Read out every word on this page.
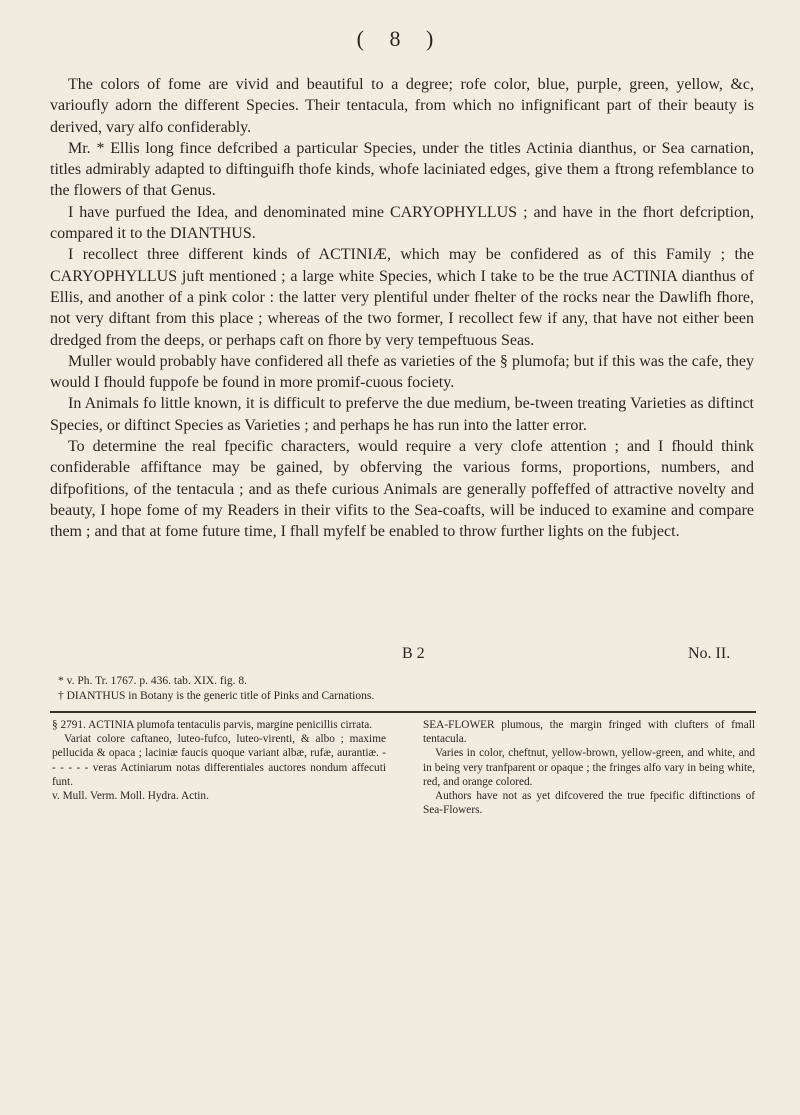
( 8 )

The colors of fome are vivid and beautiful to a degree; rofe color, blue, purple, green, yellow, &c, varioufly adorn the different Species. Their tentacula, from which no infignificant part of their beauty is derived, vary alfo confiderably.

Mr. * Ellis long fince defcribed a particular Species, under the titles Actinia dianthus, or Sea carnation, titles admirably adapted to diftinguifh thofe kinds, whofe laciniated edges, give them a ftrong refemblance to the flowers of that Genus.

I have purfued the Idea, and denominated mine CARYOPHYLLUS ; and have in the fhort defcription, compared it to the DIANTHUS.

I recollect three different kinds of ACTINIÆ, which may be confidered as of this Family ; the CARYOPHYLLUS juft mentioned ; a large white Species, which I take to be the true ACTINIA dianthus of Ellis, and another of a pink color : the latter very plentiful under fhelter of the rocks near the Dawlifh fhore, not very diftant from this place ; whereas of the two former, I recollect few if any, that have not either been dredged from the deeps, or perhaps caft on fhore by very tempeftuous Seas.

Muller would probably have confidered all thefe as varieties of the § plumofa; but if this was the cafe, they would I fhould fuppofe be found in more promif-cuous fociety.

In Animals fo little known, it is difficult to preferve the due medium, be-tween treating Varieties as diftinct Species, or diftinct Species as Varieties ; and perhaps he has run into the latter error.

To determine the real fpecific characters, would require a very clofe attention ; and I fhould think confiderable affiftance may be gained, by obferving the various forms, proportions, numbers, and difpofitions, of the tentacula ; and as thefe curious Animals are generally poffeffed of attractive novelty and beauty, I hope fome of my Readers in their vifits to the Sea-coafts, will be induced to examine and compare them ; and that at fome future time, I fhall myfelf be enabled to throw further lights on the fubject.

B 2	No. II.
* v. Ph. Tr. 1767. p. 436. tab. XIX. fig. 8.
† DIANTHUS in Botany is the generic title of Pinks and Carnations.

§ 2791. ACTINIA plumofa tentaculis parvis, margine penicillis cirrata.

Variat colore caftaneo, luteo-fufco, luteo-virenti, & albo ; maxime pellucida & opaca ; laciniæ faucis quoque variant albæ, rufæ, aurantiæ. - - - - - - veras Actiniarum notas differentiales auctores nondum affecuti funt.

v. Mull. Verm. Moll. Hydra. Actin.

SEA-FLOWER plumous, the margin fringed with clufters of fmall tentacula.

Varies in color, cheftnut, yellow-brown, yellow-green, and white, and in being very tranfparent or opaque ; the fringes alfo vary in being white, red, and orange colored.

Authors have not as yet difcovered the true fpecific diftinctions of Sea-Flowers.
